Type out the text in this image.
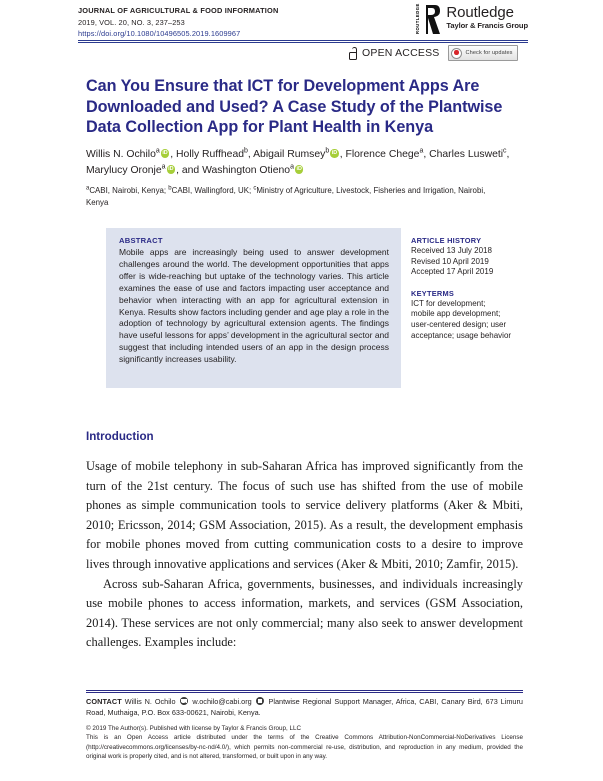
JOURNAL OF AGRICULTURAL & FOOD INFORMATION
2019, VOL. 20, NO. 3, 237–253
https://doi.org/10.1080/10496505.2019.1609967	ROUTLEDGE Routledge
Taylor & Francis Group
OPEN ACCESS	Check for updates
Can You Ensure that ICT for Development Apps Are Downloaded and Used? A Case Study of the Plantwise Data Collection App for Plant Health in Kenya
Willis N. Ochilo$^a$ iD , Holly Ruffhead$^b$, Abigail Rumsey$^b$ iD , Florence Chege$^a$, Charles Lusweti$^c$, Marylucy Oronje$^a$ iD , and Washington Otieno$^a$iD
$^a$CABI, Nairobi, Kenya; $^b$CABI, Wallingford, UK; $^c$Ministry of Agriculture, Livestock, Fisheries and Irrigation, Nairobi, Kenya
ABSTRACT
Mobile apps are increasingly being used to answer development challenges around the world. The development opportunities that apps offer is wide-reaching but uptake of the technology varies. This article examines the ease of use and factors impacting user acceptance and behavior when interacting with an app for agricultural extension in Kenya. Results show factors including gender and age play a role in the adoption of technology by agricultural extension agents. The findings have useful lessons for apps’ development in the agricultural sector and suggest that including intended users of an app in the design process significantly increases usability.
ARTICLE HISTORY
Received 13 July 2018
Revised 10 April 2019
Accepted 17 April 2019
KEYTERMS
ICT for development;
mobile app development;
user-centered design; user
acceptance; usage behavior
Introduction

Usage of mobile telephony in sub-Saharan Africa has improved significantly from the turn of the 21st century. The focus of such use has shifted from the use of mobile phones as simple communication tools to service delivery platforms (Aker & Mbiti, 2010; Ericsson, 2014; GSM Association, 2015). As a result, the development emphasis for mobile phones moved from cutting communication costs to a desire to improve lives through innovative applications and services (Aker & Mbiti, 2010; Zamfir, 2015).

Across sub-Saharan Africa, governments, businesses, and individuals increasingly use mobile phones to access information, markets, and services (GSM Association, 2014). These services are not only commercial; many also seek to answer development challenges. Examples include:

CONTACT Willis N. Ochilo w.ochilo@cabi.org Plantwise Regional Support Manager, Africa, CABI, Canary Bird, 673 Limuru Road, Muthaiga, P.O. Box 633-00621, Nairobi, Kenya.
© 2019 The Author(s). Published with license by Taylor & Francis Group, LLC
This is an Open Access article distributed under the terms of the Creative Commons Attribution-NonCommercial-NoDerivatives License (http://creativecommons.org/licenses/by-nc-nd/4.0/), which permits non-commercial re-use, distribution, and reproduction in any medium, provided the original work is properly cited, and is not altered, transformed, or built upon in any way.
